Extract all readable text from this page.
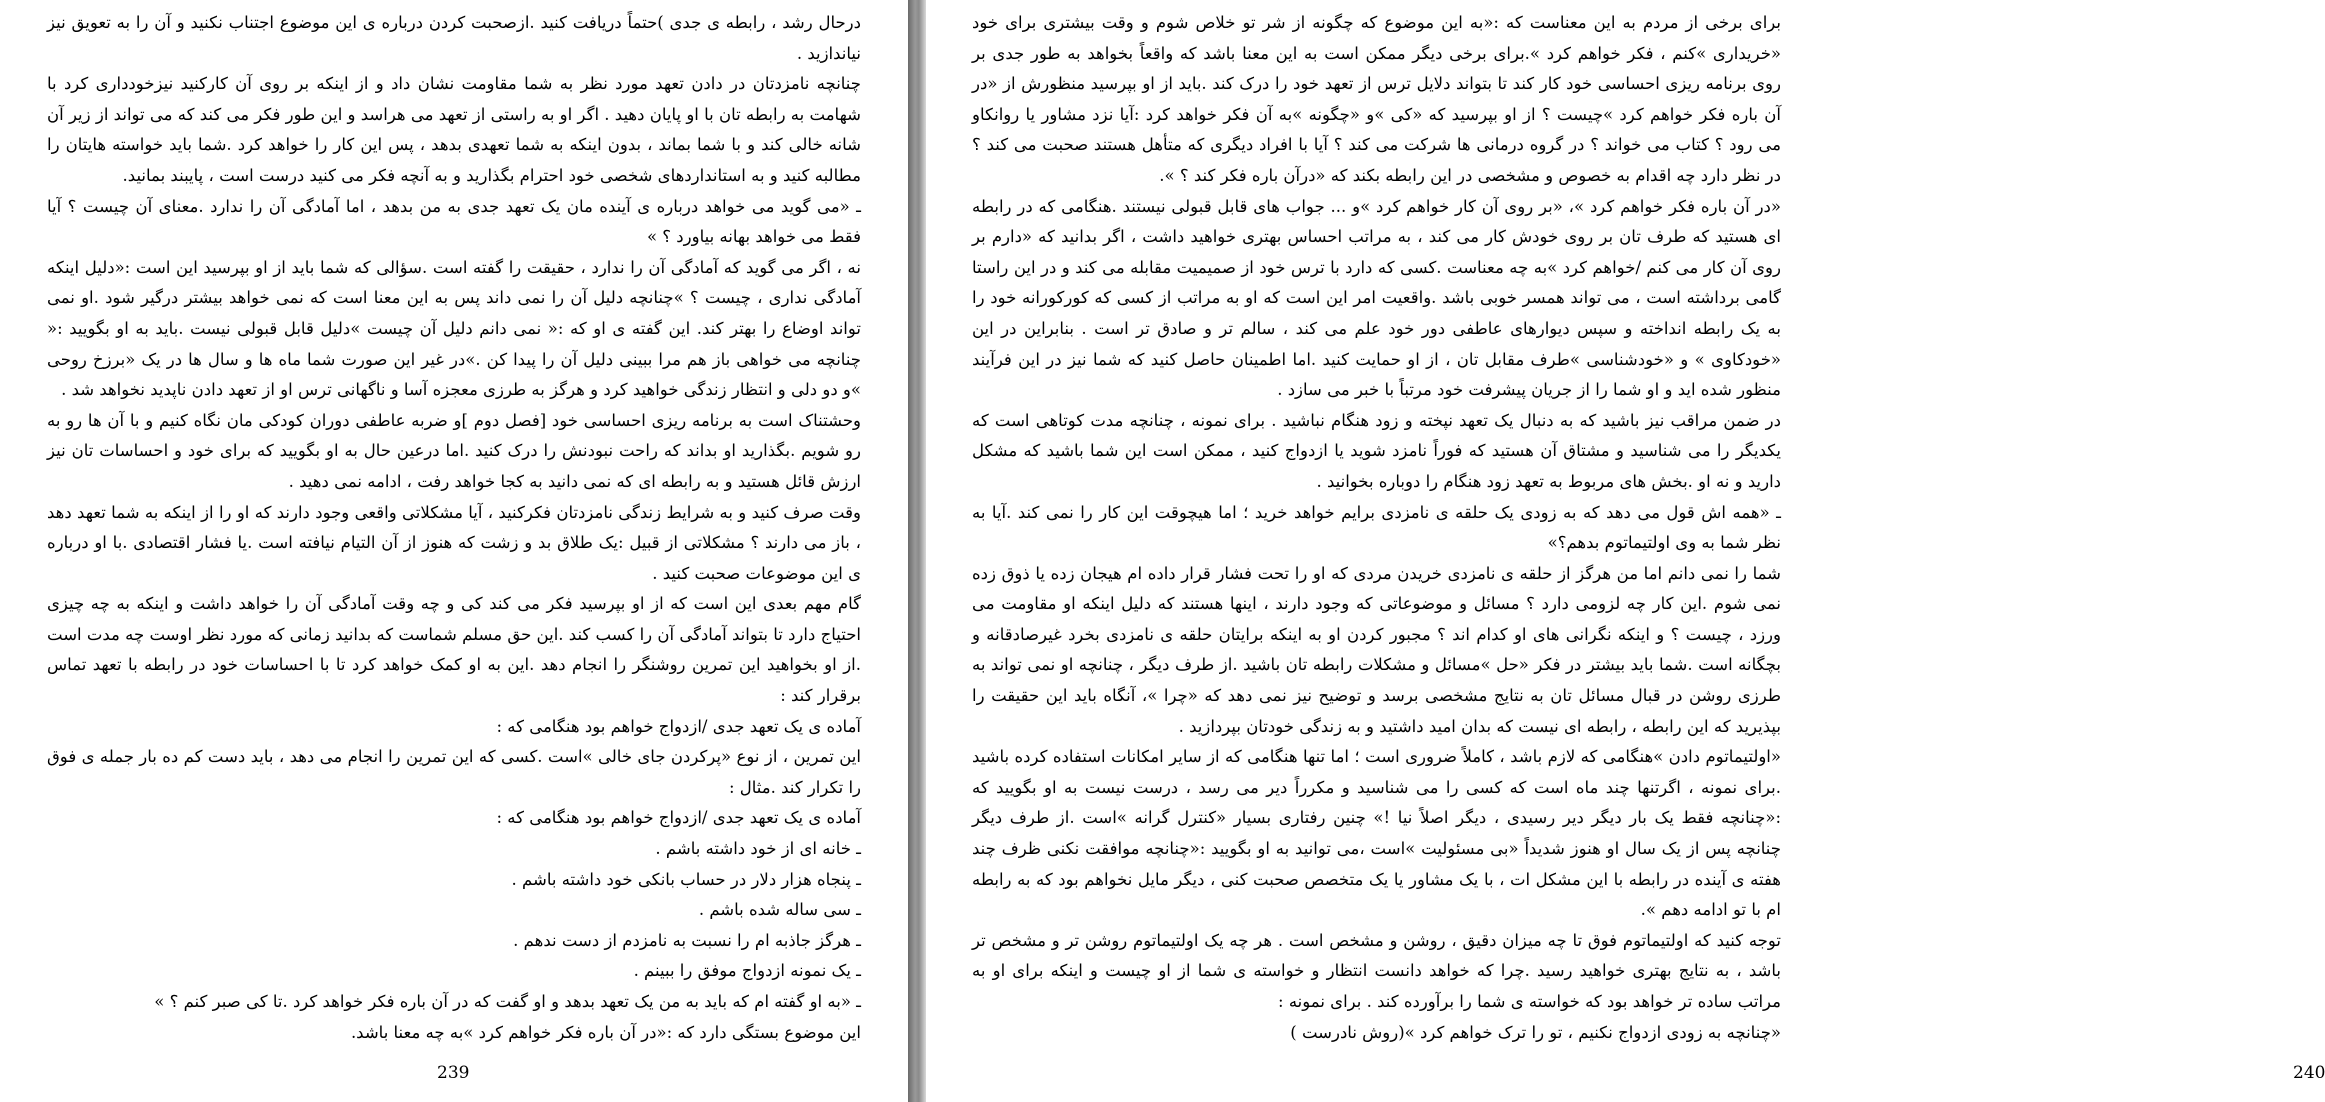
درحال رشد ، رابطه ی جدی )حتماً دریافت کنید .ازصحبت کردن درباره ی این موضوع اجتناب نکنید و آن را به تعویق نیز نیاندازید .

چنانچه نامزدتان در دادن تعهد مورد نظر به شما مقاومت نشان داد و از اینکه بر روی آن کارکنید نیزخودداری کرد با شهامت به رابطه تان با او پایان دهید . اگر او به راستی از تعهد می هراسد و این طور فکر می کند که می تواند از زیر آن شانه خالی کند و با شما بماند ، بدون اینکه به شما تعهدی بدهد ، پس این کار را خواهد کرد .شما باید خواسته هایتان را مطالبه کنید و به استانداردهای شخصی خود احترام بگذارید و به آنچه فکر می کنید درست است ، پایبند بمانید.

ـ «می گوید می خواهد درباره ی آینده مان یک تعهد جدی به من بدهد ، اما آمادگی آن را ندارد .معنای آن چیست ؟ آیا فقط می خواهد بهانه بیاورد ؟ »

نه ، اگر می گوید که آمادگی آن را ندارد ، حقیقت را گفته است .سؤالی که شما باید از او بپرسید این است :«دلیل اینکه آمادگی نداری ، چیست ؟ »چنانچه دلیل آن را نمی داند پس به این معنا است که نمی خواهد بیشتر درگیر شود .او نمی تواند اوضاع را بهتر کند. این گفته ی او که :« نمی دانم دلیل آن چیست »دلیل قابل قبولی نیست .باید به او بگویید :« چنانچه می خواهی باز هم مرا ببینی دلیل آن را پیدا کن .»در غیر این صورت شما ماه ها و سال ها در یک «برزخ روحی »و دو دلی و انتظار زندگی خواهید کرد و هرگز به طرزی معجزه آسا و ناگهانی ترس او از تعهد دادن ناپدید نخواهد شد .

وحشتناک است به برنامه ریزی احساسی خود [فصل دوم ]و ضربه عاطفی دوران کودکی مان نگاه کنیم و با آن ها رو به رو شویم .بگذارید او بداند که راحت نبودنش را درک کنید .اما درعین حال به او بگویید که برای خود و احساسات تان نیز ارزش قائل هستید و به رابطه ای که نمی دانید به کجا خواهد رفت ، ادامه نمی دهید .

وقت صرف کنید و به شرایط زندگی نامزدتان فکرکنید ، آیا مشکلاتی واقعی وجود دارند که او را از اینکه به شما تعهد دهد ، باز می دارند ؟ مشکلاتی از قبیل :یک طلاق بد و زشت که هنوز از آن التیام نیافته است .یا فشار اقتصادی .با او درباره ی این موضوعات صحبت کنید .

گام مهم بعدی این است که از او بپرسید فکر می کند کی و چه وقت آمادگی آن را خواهد داشت و اینکه به چه چیزی احتیاج دارد تا بتواند آمادگی آن را کسب کند .این حق مسلم شماست که بدانید زمانی که مورد نظر اوست چه مدت است .از او بخواهید این تمرین روشنگر را انجام دهد .این به او کمک خواهد کرد تا با احساسات خود در رابطه با تعهد تماس برقرار کند :

آماده ی یک تعهد جدی /ازدواج خواهم بود هنگامی که :

این تمرین ، از نوع «پرکردن جای خالی »است .کسی که این تمرین را انجام می دهد ، باید دست کم ده بار جمله ی فوق را تکرار کند .مثال :

آماده ی یک تعهد جدی /ازدواج خواهم بود هنگامی که :

ـ خانه ای از خود داشته باشم .

ـ پنجاه هزار دلار در حساب بانکی خود داشته باشم .

ـ سی ساله شده باشم .

ـ هرگز جاذبه ام را نسبت به نامزدم از دست ندهم .

ـ یک نمونه ازدواج موفق را ببینم .

ـ «به او گفته ام که باید به من یک تعهد بدهد و او گفت که در آن باره فکر خواهد کرد .تا کی صبر کنم ؟ »

این موضوع بستگی دارد که :«در آن باره فکر خواهم کرد »به چه معنا باشد.

239

برای برخی از مردم به این معناست که :«به این موضوع که چگونه از شر تو خلاص شوم و وقت بیشتری برای خود «خریداری »کنم ، فکر خواهم کرد ».برای برخی دیگر ممکن است به این معنا باشد که واقعاً بخواهد به طور جدی بر روی برنامه ریزی احساسی خود کار کند تا بتواند دلایل ترس از تعهد خود را درک کند .باید از او بپرسید منظورش از «در آن باره فکر خواهم کرد »چیست ؟ از او بپرسید که «کی »و «چگونه »به آن فکر خواهد کرد :آیا نزد مشاور یا روانکاو می رود ؟ کتاب می خواند ؟ در گروه درمانی ها شرکت می کند ؟ آیا با افراد دیگری که متأهل هستند صحبت می کند ؟ در نظر دارد چه اقدام به خصوص و مشخصی در این رابطه بکند که «درآن باره فکر کند ؟ ».

«در آن باره فکر خواهم کرد »، «بر روی آن کار خواهم کرد »و ... جواب های قابل قبولی نیستند .هنگامی که در رابطه ای هستید که طرف تان بر روی خودش کار می کند ، به مراتب احساس بهتری خواهید داشت ، اگر بدانید که «دارم بر روی آن کار می کنم /خواهم کرد »به چه معناست .کسی که دارد با ترس خود از صمیمیت مقابله می کند و در این راستا گامی برداشته است ، می تواند همسر خوبی باشد .واقعیت امر این است که او به مراتب از کسی که کورکورانه خود را به یک رابطه انداخته و سپس دیوارهای عاطفی دور خود علم می کند ، سالم تر و صادق تر است . بنابراین در این «خودکاوی » و «خودشناسی »طرف مقابل تان ، از او حمایت کنید .اما اطمینان حاصل کنید که شما نیز در این فرآیند منظور شده اید و او شما را از جریان پیشرفت خود مرتباً با خبر می سازد .

در ضمن مراقب نیز باشید که به دنبال یک تعهد نپخته و زود هنگام نباشید . برای نمونه ، چنانچه مدت کوتاهی است که یکدیگر را می شناسید و مشتاق آن هستید که فوراً نامزد شوید یا ازدواج کنید ، ممکن است این شما باشید که مشکل دارید و نه او .بخش های مربوط به تعهد زود هنگام را دوباره بخوانید .

ـ «همه اش قول می دهد که به زودی یک حلقه ی نامزدی برایم خواهد خرید ؛ اما هیچوقت این کار را نمی کند .آیا به نظر شما به وی اولتیماتوم بدهم؟»

شما را نمی دانم اما من هرگز از حلقه ی نامزدی خریدن مردی که او را تحت فشار قرار داده ام هیجان زده یا ذوق زده نمی شوم .این کار چه لزومی دارد ؟ مسائل و موضوعاتی که وجود دارند ، اینها هستند که دلیل اینکه او مقاومت می ورزد ، چیست ؟ و اینکه نگرانی های او کدام اند ؟ مجبور کردن او به اینکه برایتان حلقه ی نامزدی بخرد غیرصادقانه و بچگانه است .شما باید بیشتر در فکر «حل »مسائل و مشکلات رابطه تان باشید .از طرف دیگر ، چنانچه او نمی تواند به طرزی روشن در قبال مسائل تان به نتایج مشخصی برسد و توضیح نیز نمی دهد که «چرا »، آنگاه باید این حقیقت را بپذیرید که این رابطه ، رابطه ای نیست که بدان امید داشتید و به زندگی خودتان بپردازید .

«اولتیماتوم دادن »هنگامی که لازم باشد ، کاملاً ضروری است ؛ اما تنها هنگامی که از سایر امکانات استفاده کرده باشید .برای نمونه ، اگرتنها چند ماه است که کسی را می شناسید و مکرراً دیر می رسد ، درست نیست به او بگویید که :«چنانچه فقط یک بار دیگر دیر رسیدی ، دیگر اصلاً نیا !» چنین رفتاری بسیار «کنترل گرانه »است .از طرف دیگر چنانچه پس از یک سال او هنوز شدیداً «بی مسئولیت »است ،می توانید به او بگویید :«چنانچه موافقت نکنی ظرف چند هفته ی آینده در رابطه با این مشکل ات ، با یک مشاور یا یک متخصص صحبت کنی ، دیگر مایل نخواهم بود که به رابطه ام با تو ادامه دهم ».

توجه کنید که اولتیماتوم فوق تا چه میزان دقیق ، روشن و مشخص است . هر چه یک اولتیماتوم روشن تر و مشخص تر باشد ، به نتایج بهتری خواهید رسید .چرا که خواهد دانست انتظار و خواسته ی شما از او چیست و اینکه برای او به مراتب ساده تر خواهد بود که خواسته ی شما را برآورده کند . برای نمونه :

«چنانچه به زودی ازدواج نکنیم ، تو را ترک خواهم کرد »(روش نادرست )

240
